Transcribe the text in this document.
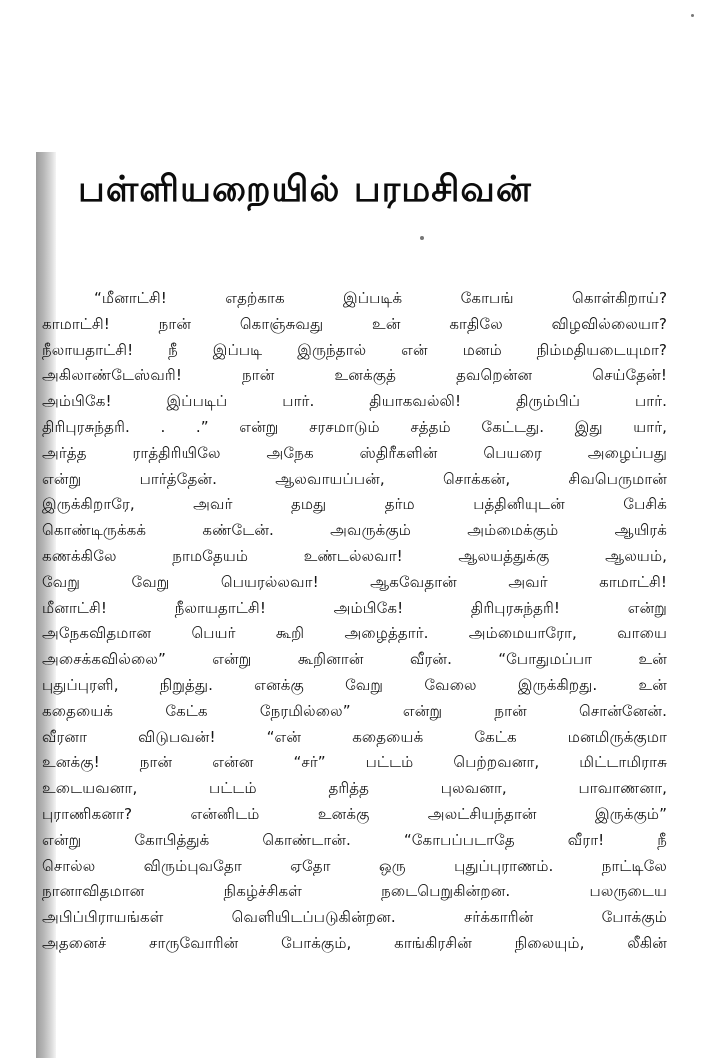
பள்ளியறையில் பரமசிவன்
“மீனாட்சி! எதற்காக இப்படிக் கோபங் கொள்கிறாய்?
காமாட்சி! நான் கொஞ்சுவது உன் காதிலே விழவில்லையா?
நீலாயதாட்சி! நீ இப்படி இருந்தால் என் மனம் நிம்மதியடையுமா?
அகிலாண்டேஸ்வரி! நான் உனக்குத் தவறென்ன செய்தேன்!
அம்பிகே! இப்படிப் பார். தியாகவல்லி! திரும்பிப் பார்.
திரிபுரசுந்தரி. . .” என்று சரசமாடும் சத்தம் கேட்டது. இது யார்,
அர்த்த ராத்திரியிலே அநேக ஸ்திரீகளின் பெயரை அழைப்பது
என்று பார்த்தேன். ஆலவாயப்பன், சொக்கன், சிவபெருமான்
இருக்கிறாரே, அவர் தமது தர்ம பத்தினியுடன் பேசிக்
கொண்டிருக்கக் கண்டேன். அவருக்கும் அம்மைக்கும் ஆயிரக்
கணக்கிலே நாமதேயம் உண்டல்லவா! ஆலயத்துக்கு ஆலயம்,
வேறு வேறு பெயரல்லவா! ஆகவேதான் அவர் காமாட்சி!
மீனாட்சி! நீலாயதாட்சி! அம்பிகே! திரிபுரசுந்தரி! என்று
அநேகவிதமான பெயர் கூறி அழைத்தார். அம்மையாரோ, வாயை
அசைக்கவில்லை” என்று கூறினான் வீரன். “போதுமப்பா உன்
புதுப்புரளி, நிறுத்து. எனக்கு வேறு வேலை இருக்கிறது. உன்
கதையைக் கேட்க நேரமில்லை” என்று நான் சொன்னேன்.
வீரனா விடுபவன்! “என் கதையைக் கேட்க மனமிருக்குமா
உனக்கு! நான் என்ன “சர்” பட்டம் பெற்றவனா, மிட்டாமிராசு
உடையவனா, பட்டம் தரித்த புலவனா, பாவாணனா,
புராணிகனா? என்னிடம் உனக்கு அலட்சியந்தான் இருக்கும்”
என்று கோபித்துக் கொண்டான். “கோபப்படாதே வீரா! நீ
சொல்ல விரும்புவதோ ஏதோ ஒரு புதுப்புராணம். நாட்டிலே
நானாவிதமான நிகழ்ச்சிகள் நடைபெறுகின்றன. பலருடைய
அபிப்பிராயங்கள் வெளியிடப்படுகின்றன. சர்க்காரின் போக்கும்
அதனைச் சாருவோரின் போக்கும், காங்கிரசின் நிலையும், லீகின்
